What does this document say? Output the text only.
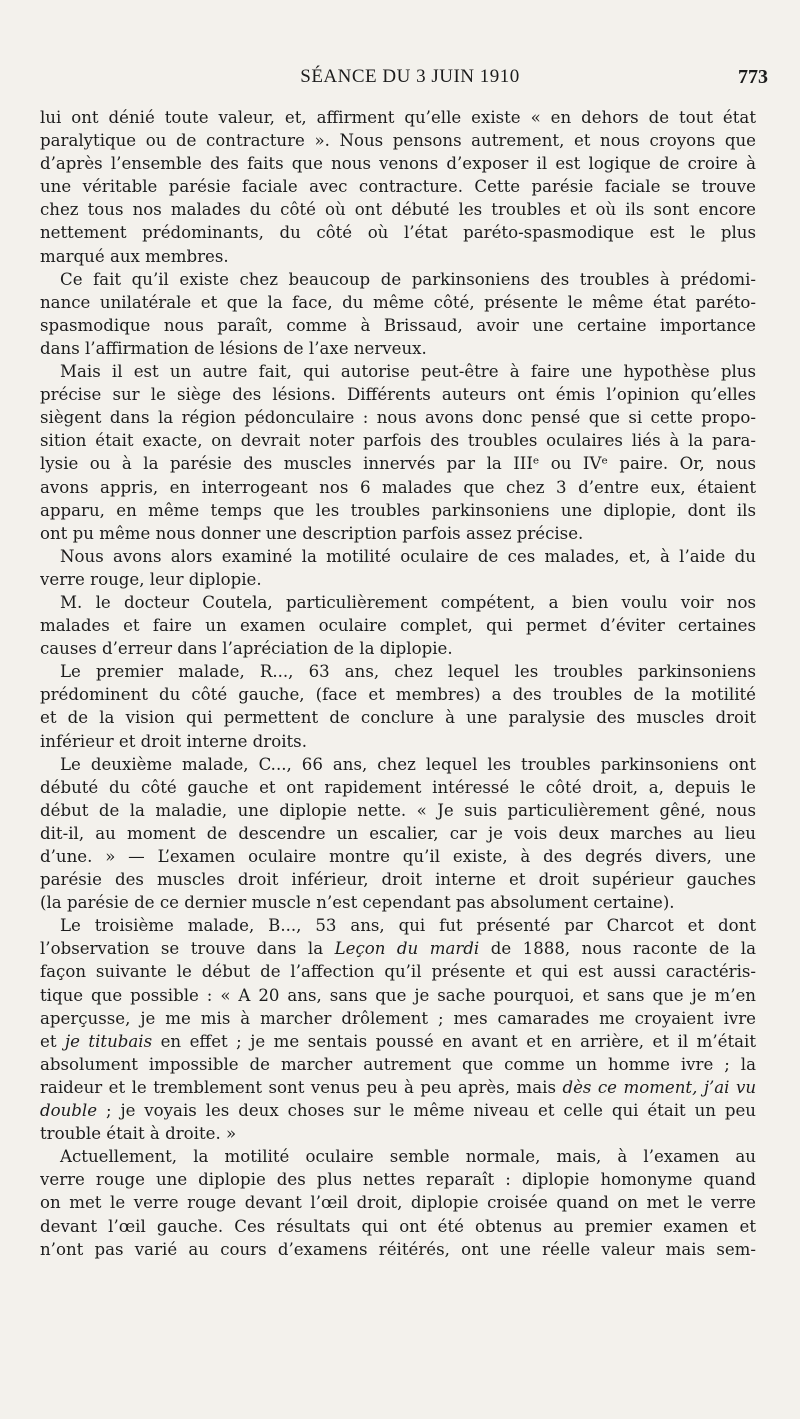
SÉANCE DU 3 JUIN 1910	773
lui ont dénié toute valeur, et, affirment qu’elle existe « en dehors de tout état
paralytique ou de contracture ». Nous pensons autrement, et nous croyons que
d’après l’ensemble des faits que nous venons d’exposer il est logique de croire à
une véritable parésie faciale avec contracture. Cette parésie faciale se trouve
chez tous nos malades du côté où ont débuté les troubles et où ils sont encore
nettement prédominants, du côté où l’état paréto-spasmodique est le plus
marqué aux membres.
Ce fait qu’il existe chez beaucoup de parkinsoniens des troubles à prédomi-
nance unilatérale et que la face, du même côté, présente le même état paréto-
spasmodique nous paraît, comme à Brissaud, avoir une certaine importance
dans l’affirmation de lésions de l’axe nerveux.
Mais il est un autre fait, qui autorise peut-être à faire une hypothèse plus
précise sur le siège des lésions. Différents auteurs ont émis l’opinion qu’elles
siègent dans la région pédonculaire : nous avons donc pensé que si cette propo-
sition était exacte, on devrait noter parfois des troubles oculaires liés à la para-
lysie ou à la parésie des muscles innervés par la IIIᵉ ou IVᵉ paire. Or, nous
avons appris, en interrogeant nos 6 malades que chez 3 d’entre eux, étaient
apparu, en même temps que les troubles parkinsoniens une diplopie, dont ils
ont pu même nous donner une description parfois assez précise.
Nous avons alors examiné la motilité oculaire de ces malades, et, à l’aide du
verre rouge, leur diplopie.
M. le docteur Coutela, particulièrement compétent, a bien voulu voir nos
malades et faire un examen oculaire complet, qui permet d’éviter certaines
causes d’erreur dans l’apréciation de la diplopie.
Le premier malade, R..., 63 ans, chez lequel les troubles parkinsoniens
prédominent du côté gauche, (face et membres) a des troubles de la motilité
et de la vision qui permettent de conclure à une paralysie des muscles droit
inférieur et droit interne droits.
Le deuxième malade, C..., 66 ans, chez lequel les troubles parkinsoniens ont
débuté du côté gauche et ont rapidement intéressé le côté droit, a, depuis le
début de la maladie, une diplopie nette. « Je suis particulièrement gêné, nous
dit-il, au moment de descendre un escalier, car je vois deux marches au lieu
d’une. » — L’examen oculaire montre qu’il existe, à des degrés divers, une
parésie des muscles droit inférieur, droit interne et droit supérieur gauches
(la parésie de ce dernier muscle n’est cependant pas absolument certaine).
Le troisième malade, B..., 53 ans, qui fut présenté par Charcot et dont
l’observation se trouve dans la Leçon du mardi de 1888, nous raconte de la
façon suivante le début de l’affection qu’il présente et qui est aussi caractéris-
tique que possible : « A 20 ans, sans que je sache pourquoi, et sans que je m’en
aperçusse, je me mis à marcher drôlement ; mes camarades me croyaient ivre
et je titubais en effet ; je me sentais poussé en avant et en arrière, et il m’était
absolument impossible de marcher autrement que comme un homme ivre ; la
raideur et le tremblement sont venus peu à peu après, mais dès ce moment, j’ai vu
double ; je voyais les deux choses sur le même niveau et celle qui était un peu
trouble était à droite. »
Actuellement, la motilité oculaire semble normale, mais, à l’examen au
verre rouge une diplopie des plus nettes reparaît : diplopie homonyme quand
on met le verre rouge devant l’œil droit, diplopie croisée quand on met le verre
devant l’œil gauche. Ces résultats qui ont été obtenus au premier examen et
n’ont pas varié au cours d’examens réitérés, ont une réelle valeur mais sem-
